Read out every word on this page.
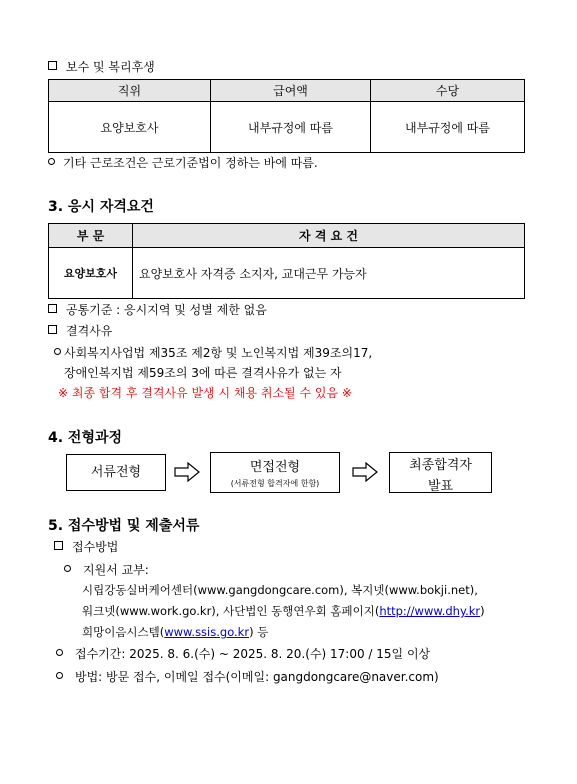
보수 및 복리후생
직위	급여액	수당
요양보호사	내부규정에 따름	내부규정에 따름
기타 근로조건은 근로기준법이 정하는 바에 따름.
3. 응시 자격요건
부 문	자 격 요 건
요양보호사	요양보호사 자격증 소지자, 교대근무 가능자
공통기준 : 응시지역 및 성별 제한 없음
결격사유
사회복지사업법 제35조 제2항 및 노인복지법 제39조의17,
장애인복지법 제59조의 3에 따른 결격사유가 없는 자
※ 최종 합격 후 결격사유 발생 시 채용 취소될 수 있음 ※
4. 전형과정
서류전형	면접전형
(서류전형 합격자에 한함)
최종합격자
발표
5. 접수방법 및 제출서류
접수방법
지원서 교부:
시립강동실버케어센터(www.gangdongcare.com), 복지넷(www.bokji.net),
워크넷(www.work.go.kr), 사단법인 동행연우회 홈페이지(http://www.dhy.kr)
희망이음시스템(www.ssis.go.kr) 등
접수기간: 2025. 8. 6.(수) ~ 2025. 8. 20.(수) 17:00 / 15일 이상
방법: 방문 접수, 이메일 접수(이메일: gangdongcare@naver.com)
